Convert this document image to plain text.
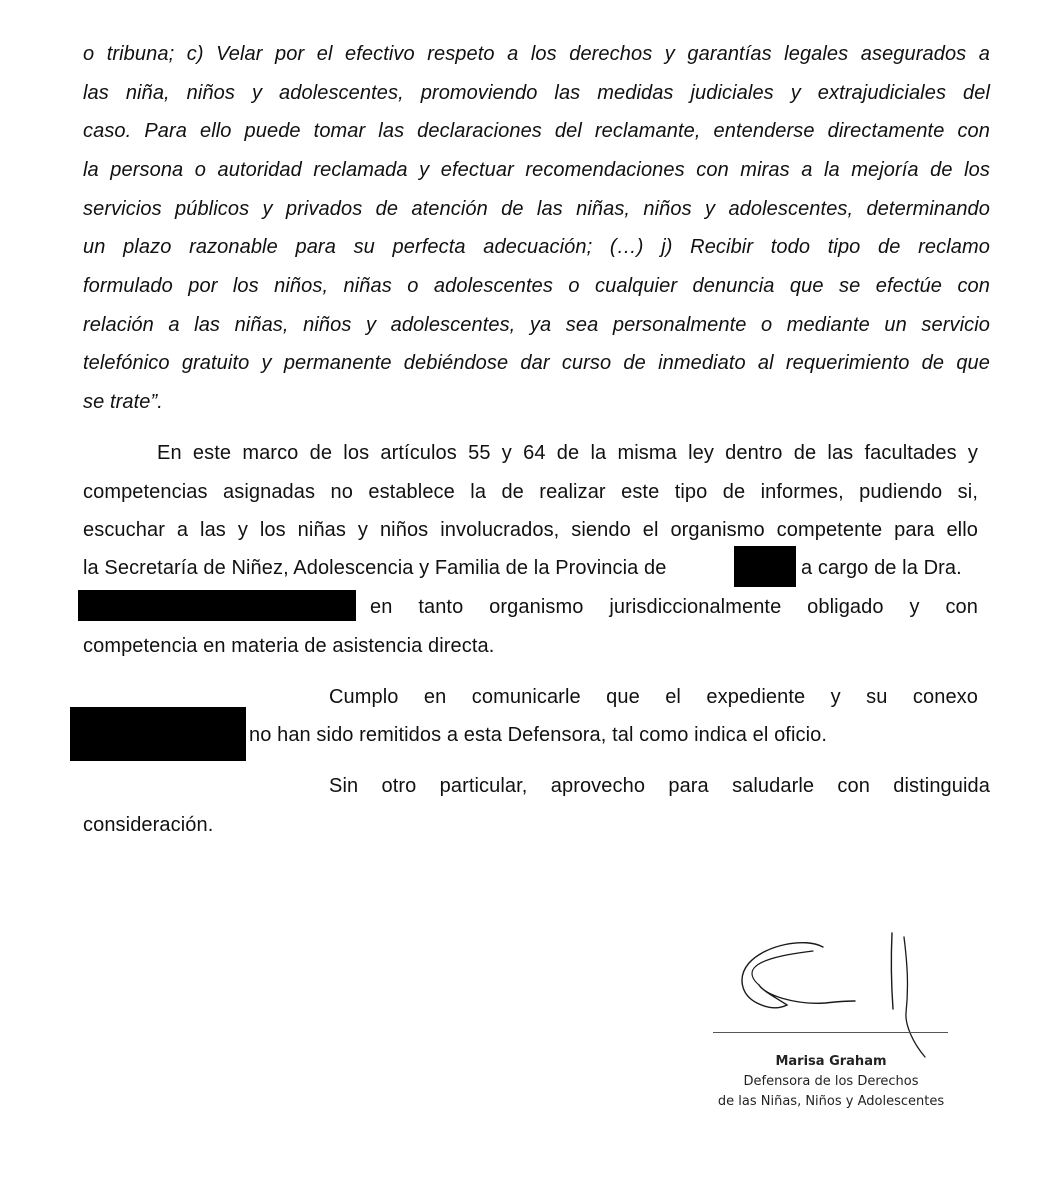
o tribuna; c) Velar por el efectivo respeto a los derechos y garantías legales asegurados a
las niña, niños y adolescentes, promoviendo las medidas judiciales y extrajudiciales del
caso. Para ello puede tomar las declaraciones del reclamante, entenderse directamente con
la persona o autoridad reclamada y efectuar recomendaciones con miras a la mejoría de los
servicios públicos y privados de atención de las niñas, niños y adolescentes, determinando
un plazo razonable para su perfecta adecuación; (…) j) Recibir todo tipo de reclamo
formulado por los niños, niñas o adolescentes o cualquier denuncia que se efectúe con
relación a las niñas, niños y adolescentes, ya sea personalmente o mediante un servicio
telefónico gratuito y permanente debiéndose dar curso de inmediato al requerimiento de que
se trate”.
En este marco de los artículos 55 y 64 de la misma ley dentro de las facultades y
competencias asignadas no establece la de realizar este tipo de informes, pudiendo si,
escuchar a las y los niñas y niños involucrados, siendo el organismo competente para ello
la Secretaría de Niñez, Adolescencia y Familia de la Provincia de	a cargo de la Dra.
en tanto organismo jurisdiccionalmente obligado y con
competencia en materia de asistencia directa.
Cumplo en comunicarle que el expediente y su conexo
no han sido remitidos a esta Defensora, tal como indica el oficio.
Sin otro particular, aprovecho para saludarle con distinguida
consideración.
Marisa Graham
Defensora de los Derechos
de las Niñas, Niños y Adolescentes
